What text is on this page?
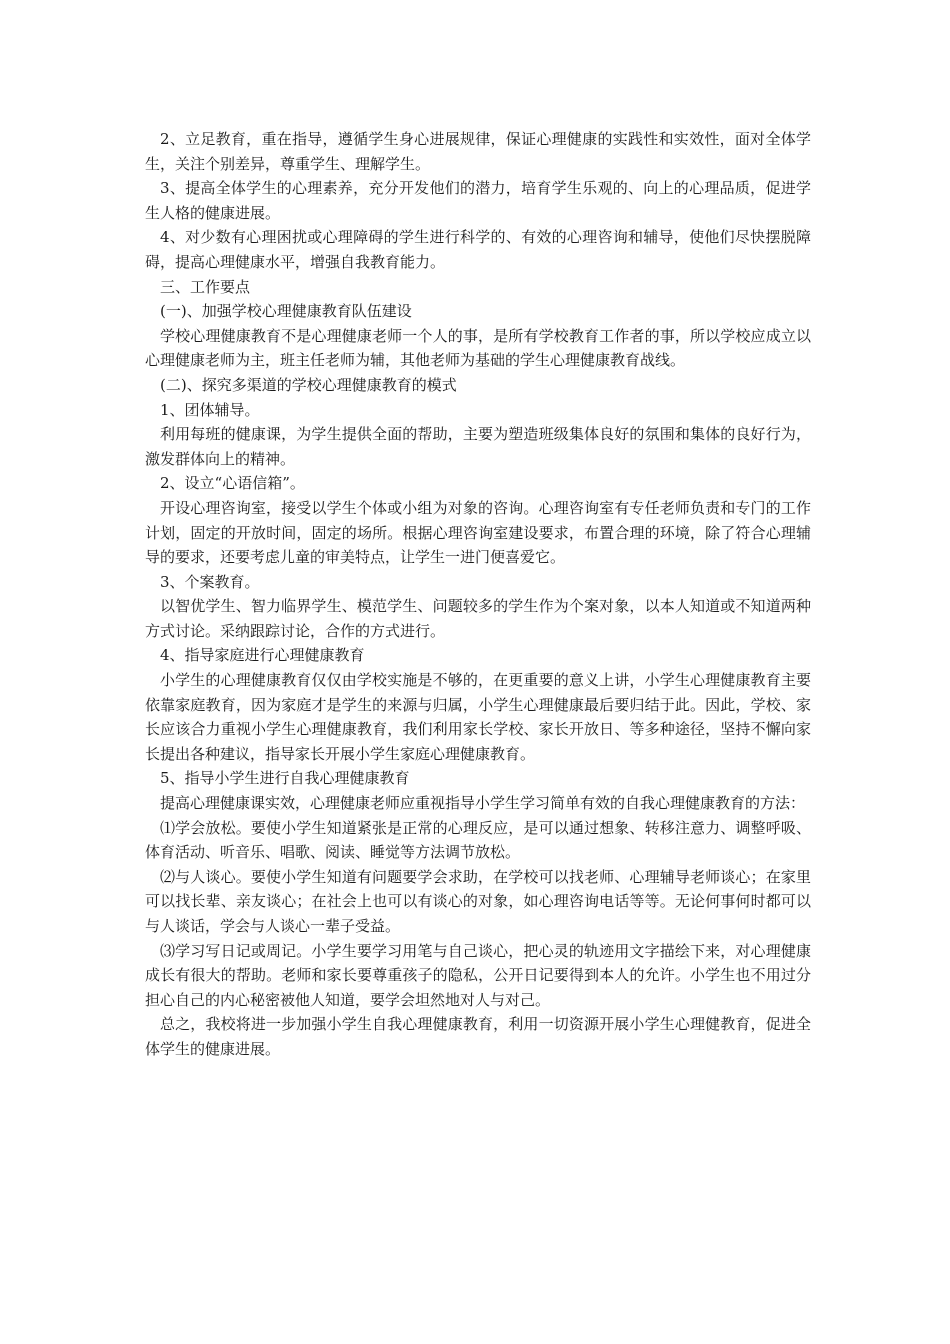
2、立足教育，重在指导，遵循学生身心进展规律，保证心理健康的实践性和实效性，面对全体学生，关注个别差异，尊重学生、理解学生。

3、提高全体学生的心理素养，充分开发他们的潜力，培育学生乐观的、向上的心理品质，促进学生人格的健康进展。

4、对少数有心理困扰或心理障碍的学生进行科学的、有效的心理咨询和辅导，使他们尽快摆脱障碍，提高心理健康水平，增强自我教育能力。

三、工作要点

(一)、加强学校心理健康教育队伍建设

学校心理健康教育不是心理健康老师一个人的事，是所有学校教育工作者的事，所以学校应成立以心理健康老师为主，班主任老师为辅，其他老师为基础的学生心理健康教育战线。

(二)、探究多渠道的学校心理健康教育的模式

1、团体辅导。

利用每班的健康课，为学生提供全面的帮助，主要为塑造班级集体良好的氛围和集体的良好行为，激发群体向上的精神。

2、设立“心语信箱”。

开设心理咨询室，接受以学生个体或小组为对象的咨询。心理咨询室有专任老师负责和专门的工作计划，固定的开放时间，固定的场所。根据心理咨询室建设要求，布置合理的环境，除了符合心理辅导的要求，还要考虑儿童的审美特点，让学生一进门便喜爱它。

3、个案教育。

以智优学生、智力临界学生、模范学生、问题较多的学生作为个案对象，以本人知道或不知道两种方式讨论。采纳跟踪讨论，合作的方式进行。

4、指导家庭进行心理健康教育

小学生的心理健康教育仅仅由学校实施是不够的，在更重要的意义上讲，小学生心理健康教育主要依靠家庭教育，因为家庭才是学生的来源与归属，小学生心理健康最后要归结于此。因此，学校、家长应该合力重视小学生心理健康教育，我们利用家长学校、家长开放日、等多种途径，坚持不懈向家长提出各种建议，指导家长开展小学生家庭心理健康教育。

5、指导小学生进行自我心理健康教育

提高心理健康课实效，心理健康老师应重视指导小学生学习简单有效的自我心理健康教育的方法：

⑴学会放松。要使小学生知道紧张是正常的心理反应，是可以通过想象、转移注意力、调整呼吸、体育活动、听音乐、唱歌、阅读、睡觉等方法调节放松。

⑵与人谈心。要使小学生知道有问题要学会求助，在学校可以找老师、心理辅导老师谈心；在家里可以找长辈、亲友谈心；在社会上也可以有谈心的对象，如心理咨询电话等等。无论何事何时都可以与人谈话，学会与人谈心一辈子受益。

⑶学习写日记或周记。小学生要学习用笔与自己谈心，把心灵的轨迹用文字描绘下来，对心理健康成长有很大的帮助。老师和家长要尊重孩子的隐私，公开日记要得到本人的允许。小学生也不用过分担心自己的内心秘密被他人知道，要学会坦然地对人与对己。

总之，我校将进一步加强小学生自我心理健康教育，利用一切资源开展小学生心理健教育，促进全体学生的健康进展。
